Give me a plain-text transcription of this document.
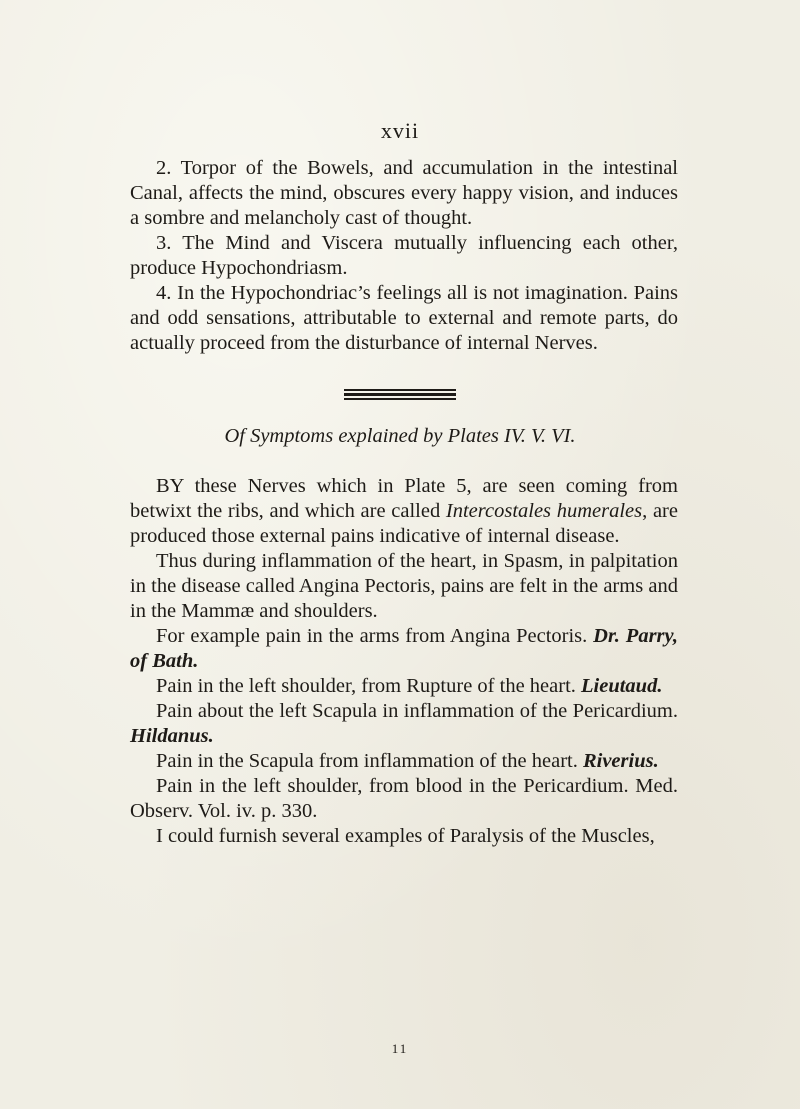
xvii

2. Torpor of the Bowels, and accumulation in the intestinal Canal, affects the mind, obscures every happy vision, and induces a sombre and melancholy cast of thought.

3. The Mind and Viscera mutually influencing each other, produce Hypochondriasm.

4. In the Hypochondriac’s feelings all is not imagination. Pains and odd sensations, attributable to external and remote parts, do actually proceed from the disturbance of internal Nerves.

Of Symptoms explained by Plates IV. V. VI.

BY these Nerves which in Plate 5, are seen coming from betwixt the ribs, and which are called Intercostales humerales, are produced those external pains indicative of internal disease.

Thus during inflammation of the heart, in Spasm, in palpitation in the disease called Angina Pectoris, pains are felt in the arms and in the Mammæ and shoulders.

For example pain in the arms from Angina Pectoris. Dr. Parry, of Bath.

Pain in the left shoulder, from Rupture of the heart. Lieutaud.

Pain about the left Scapula in inflammation of the Pericardium. Hildanus.

Pain in the Scapula from inflammation of the heart. Riverius.

Pain in the left shoulder, from blood in the Pericardium. Med. Observ. Vol. iv. p. 330.

I could furnish several examples of Paralysis of the Muscles,

11
